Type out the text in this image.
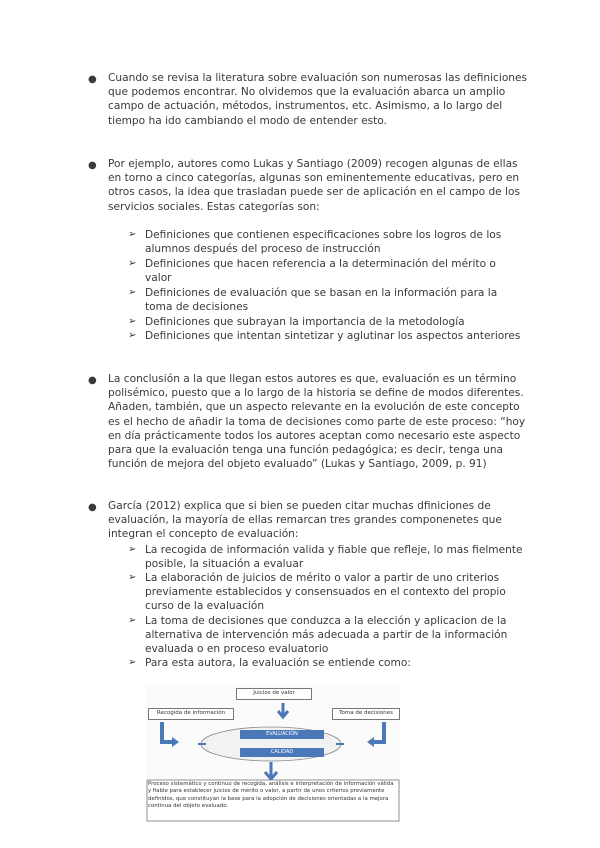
● Cuando se revisa la literatura sobre evaluación son numerosas las definiciones que podemos encontrar. No olvidemos que la evaluación abarca un amplio campo de actuación, métodos, instrumentos, etc. Asimismo, a lo largo del tiempo ha ido cambiando el modo de entender esto.
● Por ejemplo, autores como Lukas y Santiago (2009) recogen algunas de ellas en torno a cinco categorías, algunas son eminentemente educativas, pero en otros casos, la idea que trasladan puede ser de aplicación en el campo de los servicios sociales. Estas categorías son:
➢ Definiciones que contienen especificaciones sobre los logros de los alumnos después del proceso de instrucción
➢ Definiciones que hacen referencia a la determinación del mérito o valor
➢ Definiciones de evaluación que se basan en la información para la toma de decisiones
➢ Definiciones que subrayan la importancia de la metodología
➢ Definiciones que intentan sintetizar y aglutinar los aspectos anteriores
● La conclusión a la que llegan estos autores es que, evaluación es un término polisémico, puesto que a lo largo de la historia se define de modos diferentes. Añaden, también, que un aspecto relevante en la evolución de este concepto es el hecho de añadir la toma de decisiones como parte de este proceso: “hoy en día prácticamente todos los autores aceptan como necesario este aspecto para que la evaluación tenga una función pedagógica; es decir, tenga una función de mejora del objeto evaluado” (Lukas y Santiago, 2009, p. 91)
● García (2012) explica que si bien se pueden citar muchas dfiniciones de evaluación, la mayoría de ellas remarcan tres grandes componenetes que integran el concepto de evaluación:
➢ La recogida de información valida y fiable que refleje, lo mas fielmente posible, la situación a evaluar
➢ La elaboración de juicios de mérito o valor a partir de uno criterios previamente establecidos y consensuados en el contexto del propio curso de la evaluación
➢ La toma de decisiones que conduzca a la elección y aplicacion de la alternativa de intervención más adecuada a partir de la información evaluada o en proceso evaluatorio
➢ Para esta autora, la evaluación se entiende como:
Juicios de valor
Recogida de información	Toma de decisiones
EVALUACIÓN
CALIDAD
Proceso sistemático y continuo de recogida, análisis e interpretación de información válida y fiable para establecer juicios de mérito o valor, a partir de unos criterios previamente definidos, que constituyan la base para la adopción de decisiones orientadas a la mejora continua del objeto evaluado.
